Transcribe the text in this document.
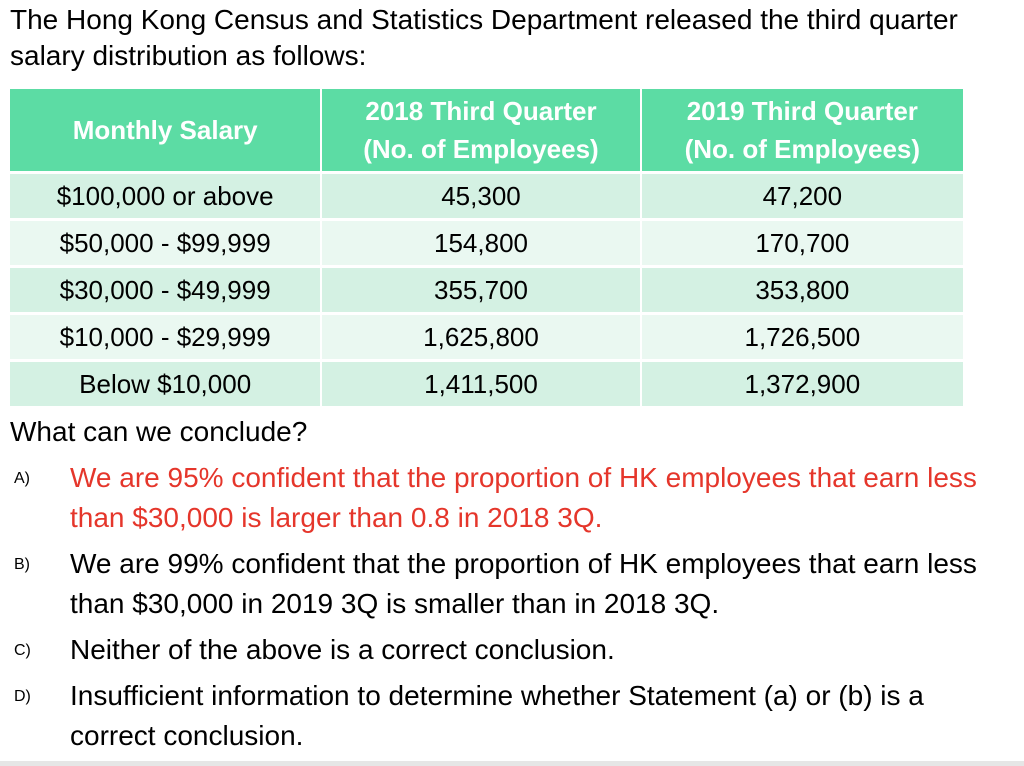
The Hong Kong Census and Statistics Department released the third quarter salary distribution as follows:

Monthly Salary	2018 Third Quarter (No. of Employees)	2019 Third Quarter (No. of Employees)
$100,000 or above	45,300	47,200
$50,000 - $99,999	154,800	170,700
$30,000 - $49,999	355,700	353,800
$10,000 - $29,999	1,625,800	1,726,500
Below $10,000	1,411,500	1,372,900

What can we conclude?

A) We are 95% confident that the proportion of HK employees that earn less than $30,000 is larger than 0.8 in 2018 3Q.
B) We are 99% confident that the proportion of HK employees that earn less than $30,000 in 2019 3Q is smaller than in 2018 3Q.
C) Neither of the above is a correct conclusion.
D) Insufficient information to determine whether Statement (a) or (b) is a correct conclusion.
